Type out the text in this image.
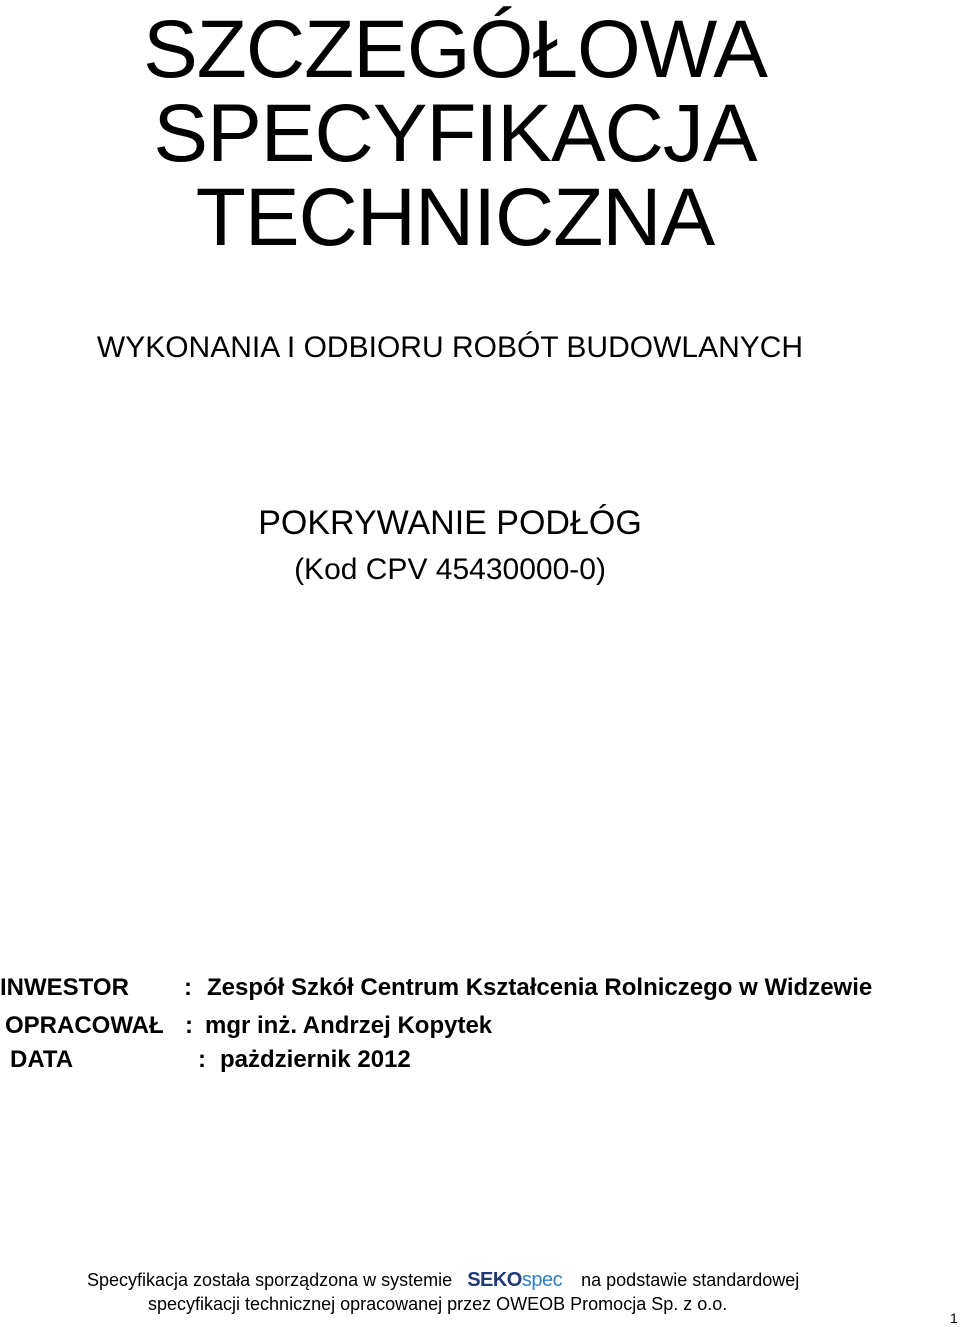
SZCZEGÓŁOWA
SPECYFIKACJA
TECHNICZNA
WYKONANIA I ODBIORU ROBÓT BUDOWLANYCH
POKRYWANIE PODŁÓG
(Kod CPV 45430000-0)
INWESTOR : Zespół Szkół Centrum Kształcenia Rolniczego w Widzewie
OPRACOWAŁ : mgr inż. Andrzej Kopytek
DATA	: pażdziernik 2012
Specyfikacja została sporządzona w systemie SEKOspec na podstawie standardowej
specyfikacji technicznej opracowanej przez OWEOB Promocja Sp. z o.o.
1
